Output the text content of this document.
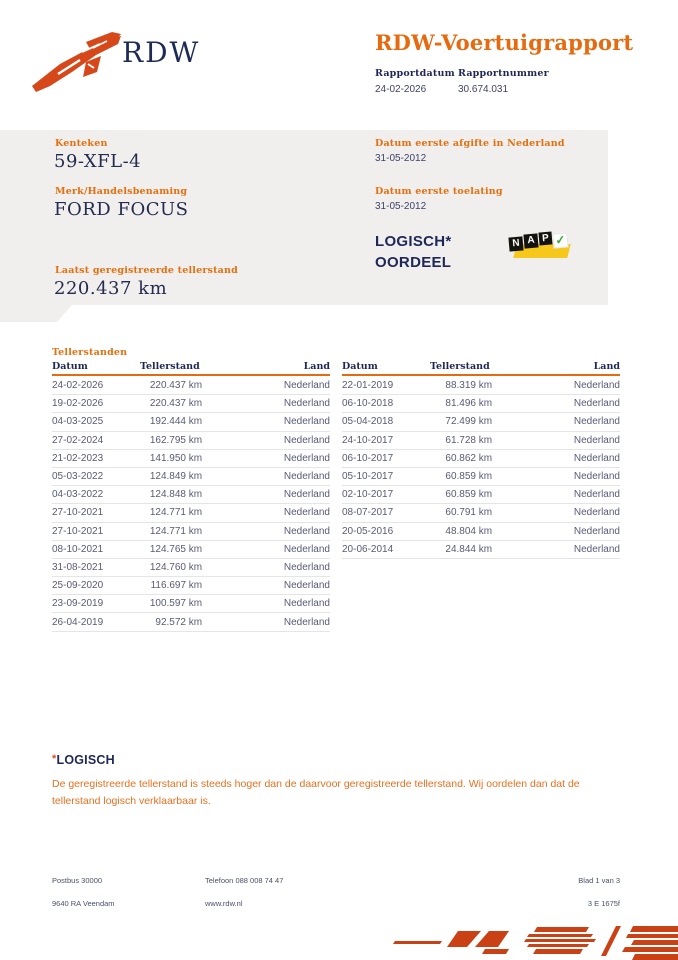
RDW	RDW-Voertuigrapport
Rapportdatum Rapportnummer
24-02-2026	30.674.031
Kenteken
59-XFL-4
Merk/Handelsbenaming
FORD FOCUS
Datum eerste afgifte in Nederland
31-05-2012
Datum eerste toelating
31-05-2012
LOGISCH*
OORDEEL
N A P ✓
Laatst geregistreerde tellerstand
220.437 km
Tellerstanden
Datum	Tellerstand	Land
24-02-2026	220.437 km	Nederland
19-02-2026	220.437 km	Nederland
04-03-2025	192.444 km	Nederland
27-02-2024	162.795 km	Nederland
21-02-2023	141.950 km	Nederland
05-03-2022	124.849 km	Nederland
04-03-2022	124.848 km	Nederland
27-10-2021	124.771 km	Nederland
27-10-2021	124.771 km	Nederland
08-10-2021	124.765 km	Nederland
31-08-2021	124.760 km	Nederland
25-09-2020	116.697 km	Nederland
23-09-2019	100.597 km	Nederland
26-04-2019	92.572 km	Nederland
Datum	Tellerstand	Land
22-01-2019	88.319 km	Nederland
06-10-2018	81.496 km	Nederland
05-04-2018	72.499 km	Nederland
24-10-2017	61.728 km	Nederland
06-10-2017	60.862 km	Nederland
05-10-2017	60.859 km	Nederland
02-10-2017	60.859 km	Nederland
08-07-2017	60.791 km	Nederland
20-05-2016	48.804 km	Nederland
20-06-2014	24.844 km	Nederland
*LOGISCH
De geregistreerde tellerstand is steeds hoger dan de daarvoor geregistreerde tellerstand. Wij oordelen dan dat de tellerstand logisch verklaarbaar is.
Postbus 30000
9640 RA Veendam
Telefoon 088 008 74 47
www.rdw.nl
Blad 1 van 3
3 E 1675f
